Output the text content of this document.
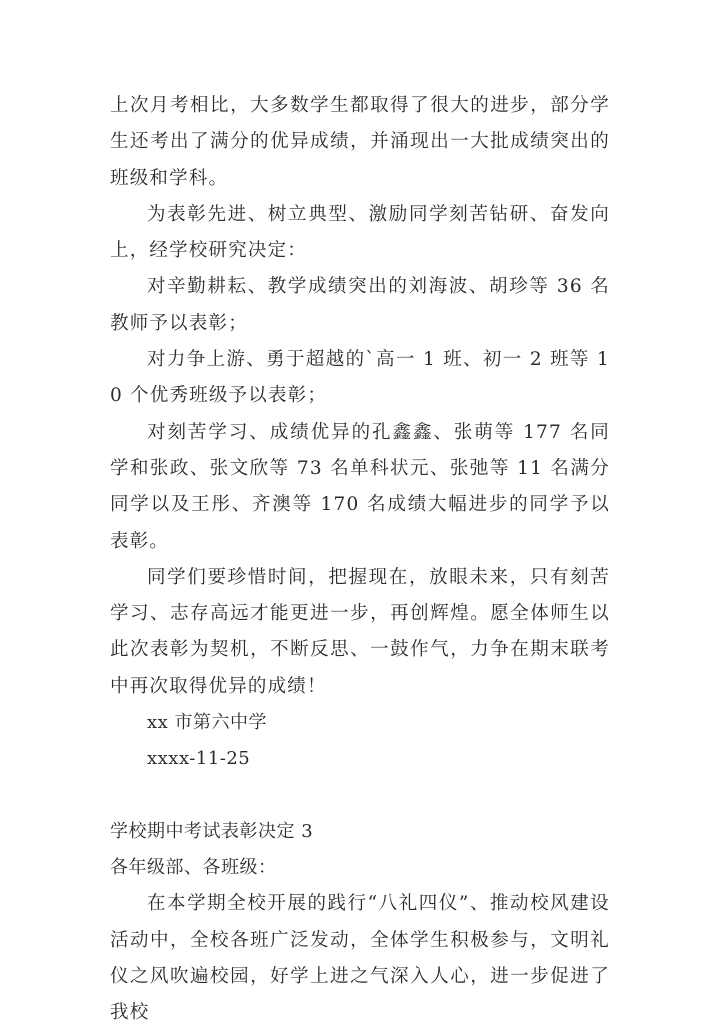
上次月考相比，大多数学生都取得了很大的进步，部分学生还考出了满分的优异成绩，并涌现出一大批成绩突出的班级和学科。

为表彰先进、树立典型、激励同学刻苦钻研、奋发向上，经学校研究决定：

对辛勤耕耘、教学成绩突出的刘海波、胡珍等 36 名教师予以表彰；

对力争上游、勇于超越的`高一 1 班、初一 2 班等 10 个优秀班级予以表彰；

对刻苦学习、成绩优异的孔鑫鑫、张萌等 177 名同学和张政、张文欣等 73 名单科状元、张弛等 11 名满分同学以及王彤、齐澳等 170 名成绩大幅进步的同学予以表彰。

同学们要珍惜时间，把握现在，放眼未来，只有刻苦学习、志存高远才能更进一步，再创辉煌。愿全体师生以此次表彰为契机，不断反思、一鼓作气，力争在期末联考中再次取得优异的成绩！

xx 市第六中学

xxxx-11-25

学校期中考试表彰决定 3

各年级部、各班级：

在本学期全校开展的践行“八礼四仪”、推动校风建设活动中，全校各班广泛发动，全体学生积极参与，文明礼仪之风吹遍校园，好学上进之气深入人心，进一步促进了我校
